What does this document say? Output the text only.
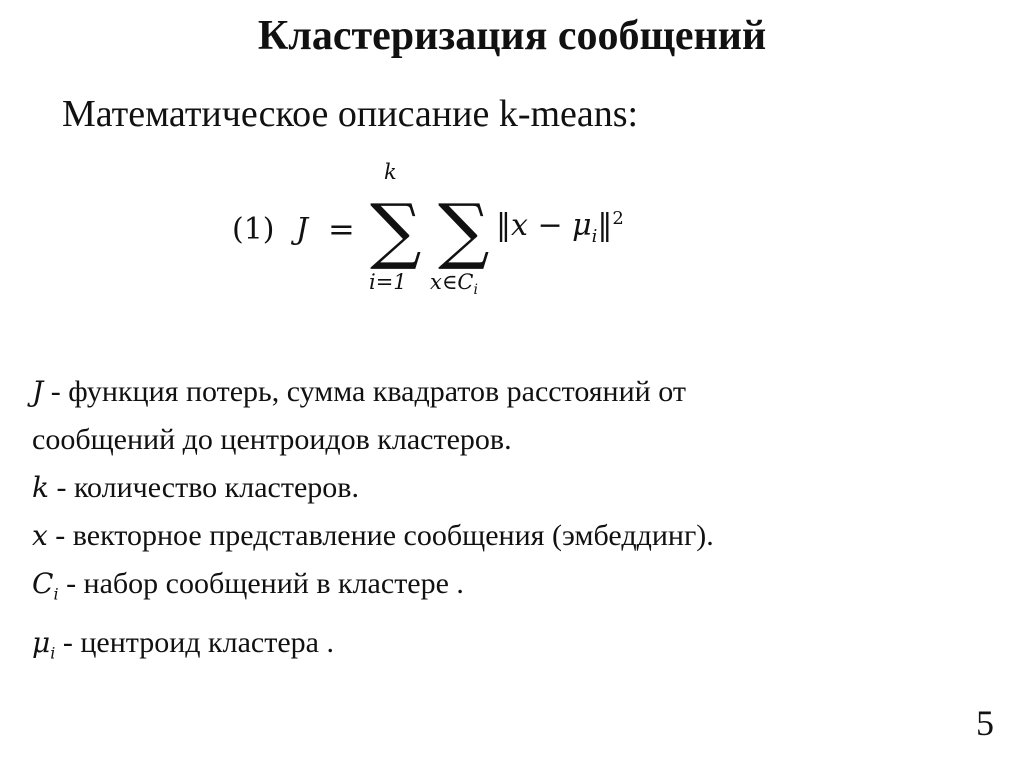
Кластеризация сообщений
Математическое описание k-means:
(1) J =
k
∑
i=1
∑
$x\in C_i$
‖x − $\mu_i‖^2$
J - функция потерь, сумма квадратов расстояний от
сообщений до центроидов кластеров.
k - количество кластеров.
x - векторное представление сообщения (эмбеддинг).
$C_i$ - набор сообщений в кластере .
$\mu_i$ - центроид кластера .
5
